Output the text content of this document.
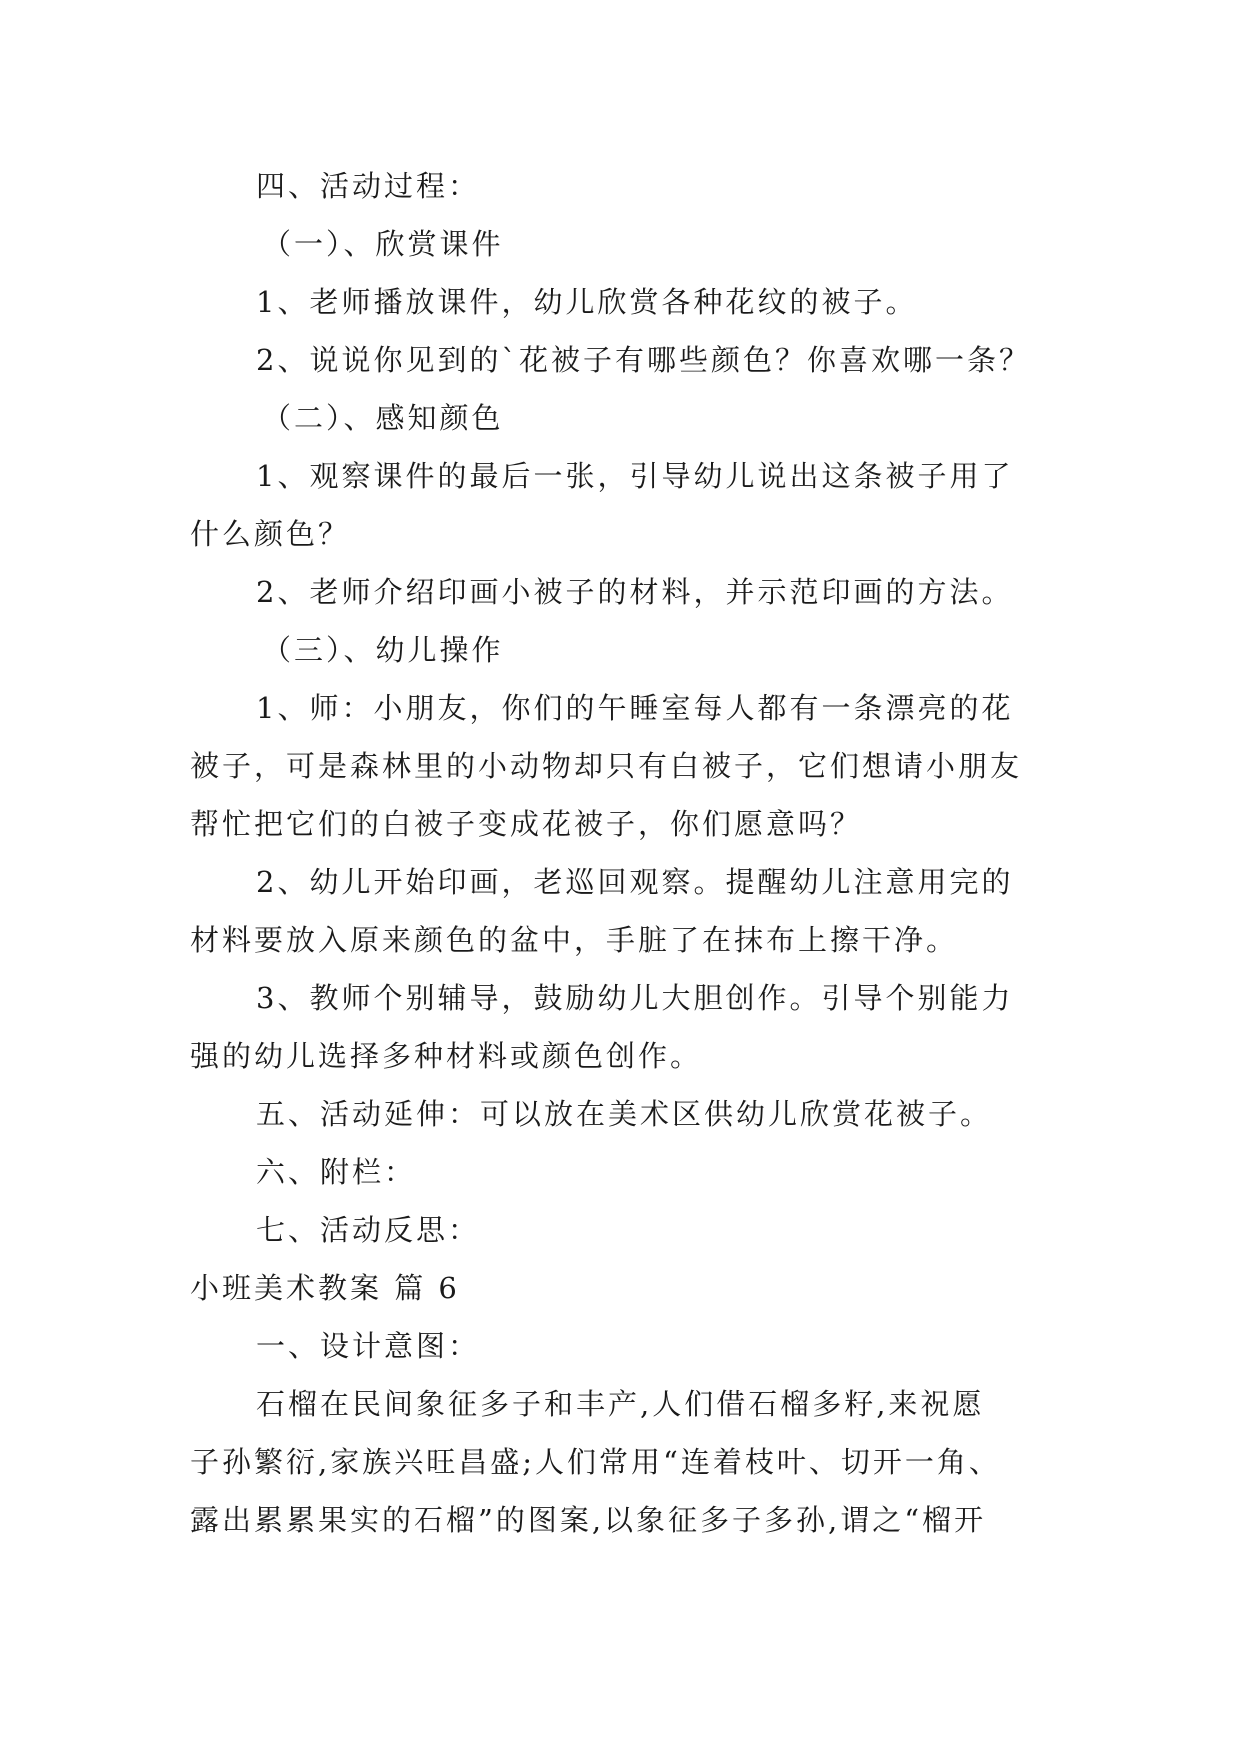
四、活动过程：
（一）、欣赏课件
1、老师播放课件，幼儿欣赏各种花纹的被子。
2、说说你见到的`花被子有哪些颜色？你喜欢哪一条？
（二）、感知颜色
1、观察课件的最后一张，引导幼儿说出这条被子用了
什么颜色？
2、老师介绍印画小被子的材料，并示范印画的方法。
（三）、幼儿操作
1、师：小朋友，你们的午睡室每人都有一条漂亮的花
被子，可是森林里的小动物却只有白被子，它们想请小朋友
帮忙把它们的白被子变成花被子，你们愿意吗？
2、幼儿开始印画，老巡回观察。提醒幼儿注意用完的
材料要放入原来颜色的盆中，手脏了在抹布上擦干净。
3、教师个别辅导，鼓励幼儿大胆创作。引导个别能力
强的幼儿选择多种材料或颜色创作。
五、活动延伸：可以放在美术区供幼儿欣赏花被子。
六、附栏：
七、活动反思：
小班美术教案 篇 6
一、设计意图：
石榴在民间象征多子和丰产,人们借石榴多籽,来祝愿
子孙繁衍,家族兴旺昌盛;人们常用“连着枝叶、切开一角、
露出累累果实的石榴”的图案,以象征多子多孙,谓之“榴开
